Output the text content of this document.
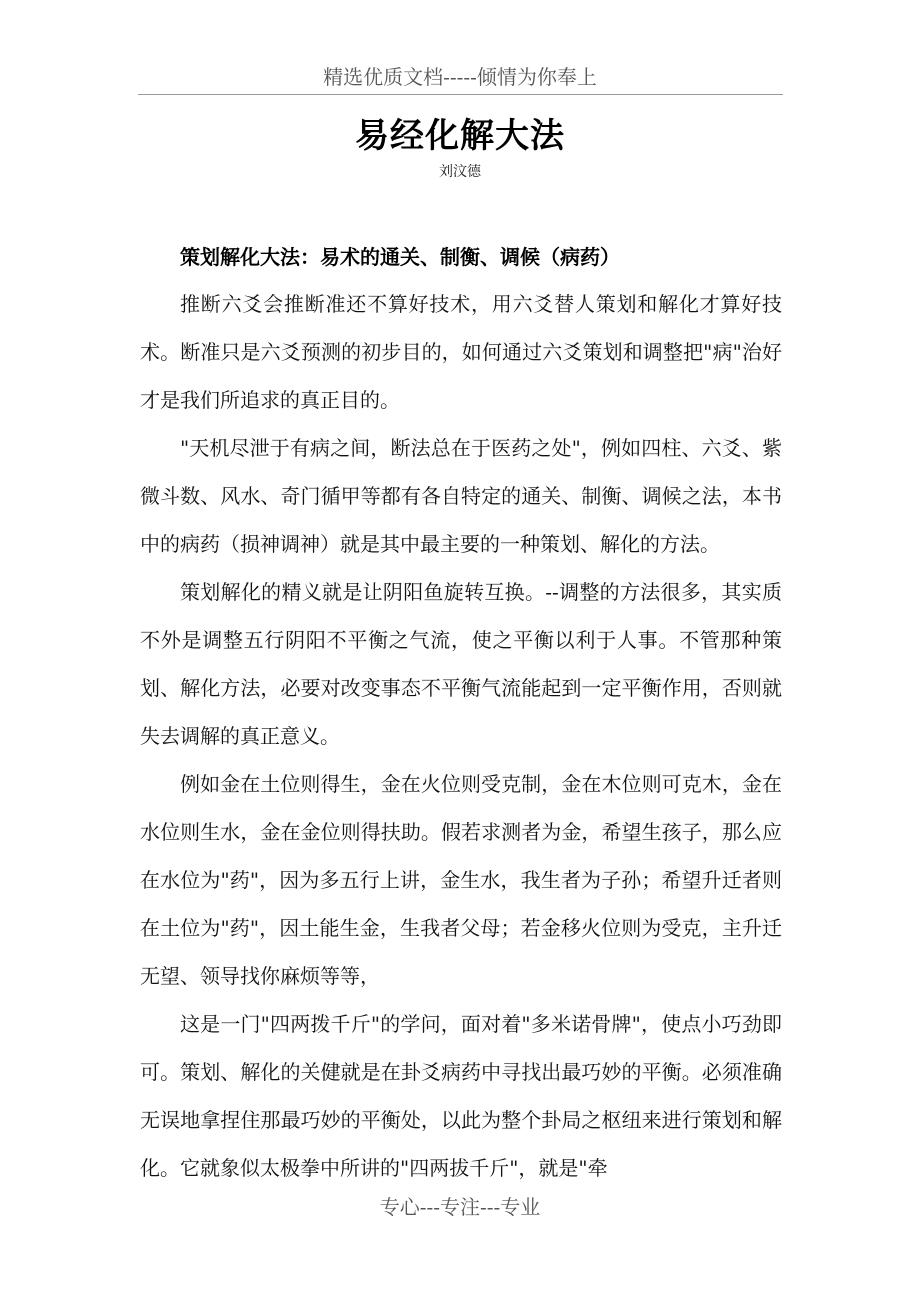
精选优质文档-----倾情为你奉上
易经化解大法
刘汶德

策划解化大法：易术的通关、制衡、调候（病药）

推断六爻会推断准还不算好技术，用六爻替人策划和解化才算好技术。断准只是六爻预测的初步目的，如何通过六爻策划和调整把"病"治好才是我们所追求的真正目的。

"天机尽泄于有病之间，断法总在于医药之处"，例如四柱、六爻、紫微斗数、风水、奇门循甲等都有各自特定的通关、制衡、调候之法，本书中的病药（损神调神）就是其中最主要的一种策划、解化的方法。

策划解化的精义就是让阴阳鱼旋转互换。--调整的方法很多，其实质不外是调整五行阴阳不平衡之气流，使之平衡以利于人事。不管那种策划、解化方法，必要对改变事态不平衡气流能起到一定平衡作用，否则就失去调解的真正意义。

例如金在土位则得生，金在火位则受克制，金在木位则可克木，金在水位则生水，金在金位则得扶助。假若求测者为金，希望生孩子，那么应在水位为"药"，因为多五行上讲，金生水，我生者为子孙；希望升迁者则在土位为"药"，因土能生金，生我者父母；若金移火位则为受克，主升迁无望、领导找你麻烦等等，

这是一门"四两拨千斤"的学问，面对着"多米诺骨牌"，使点小巧劲即可。策划、解化的关健就是在卦爻病药中寻找出最巧妙的平衡。必须准确无误地拿捏住那最巧妙的平衡处，以此为整个卦局之枢纽来进行策划和解化。它就象似太极拳中所讲的"四两拔千斤"，就是"牵

专心---专注---专业
